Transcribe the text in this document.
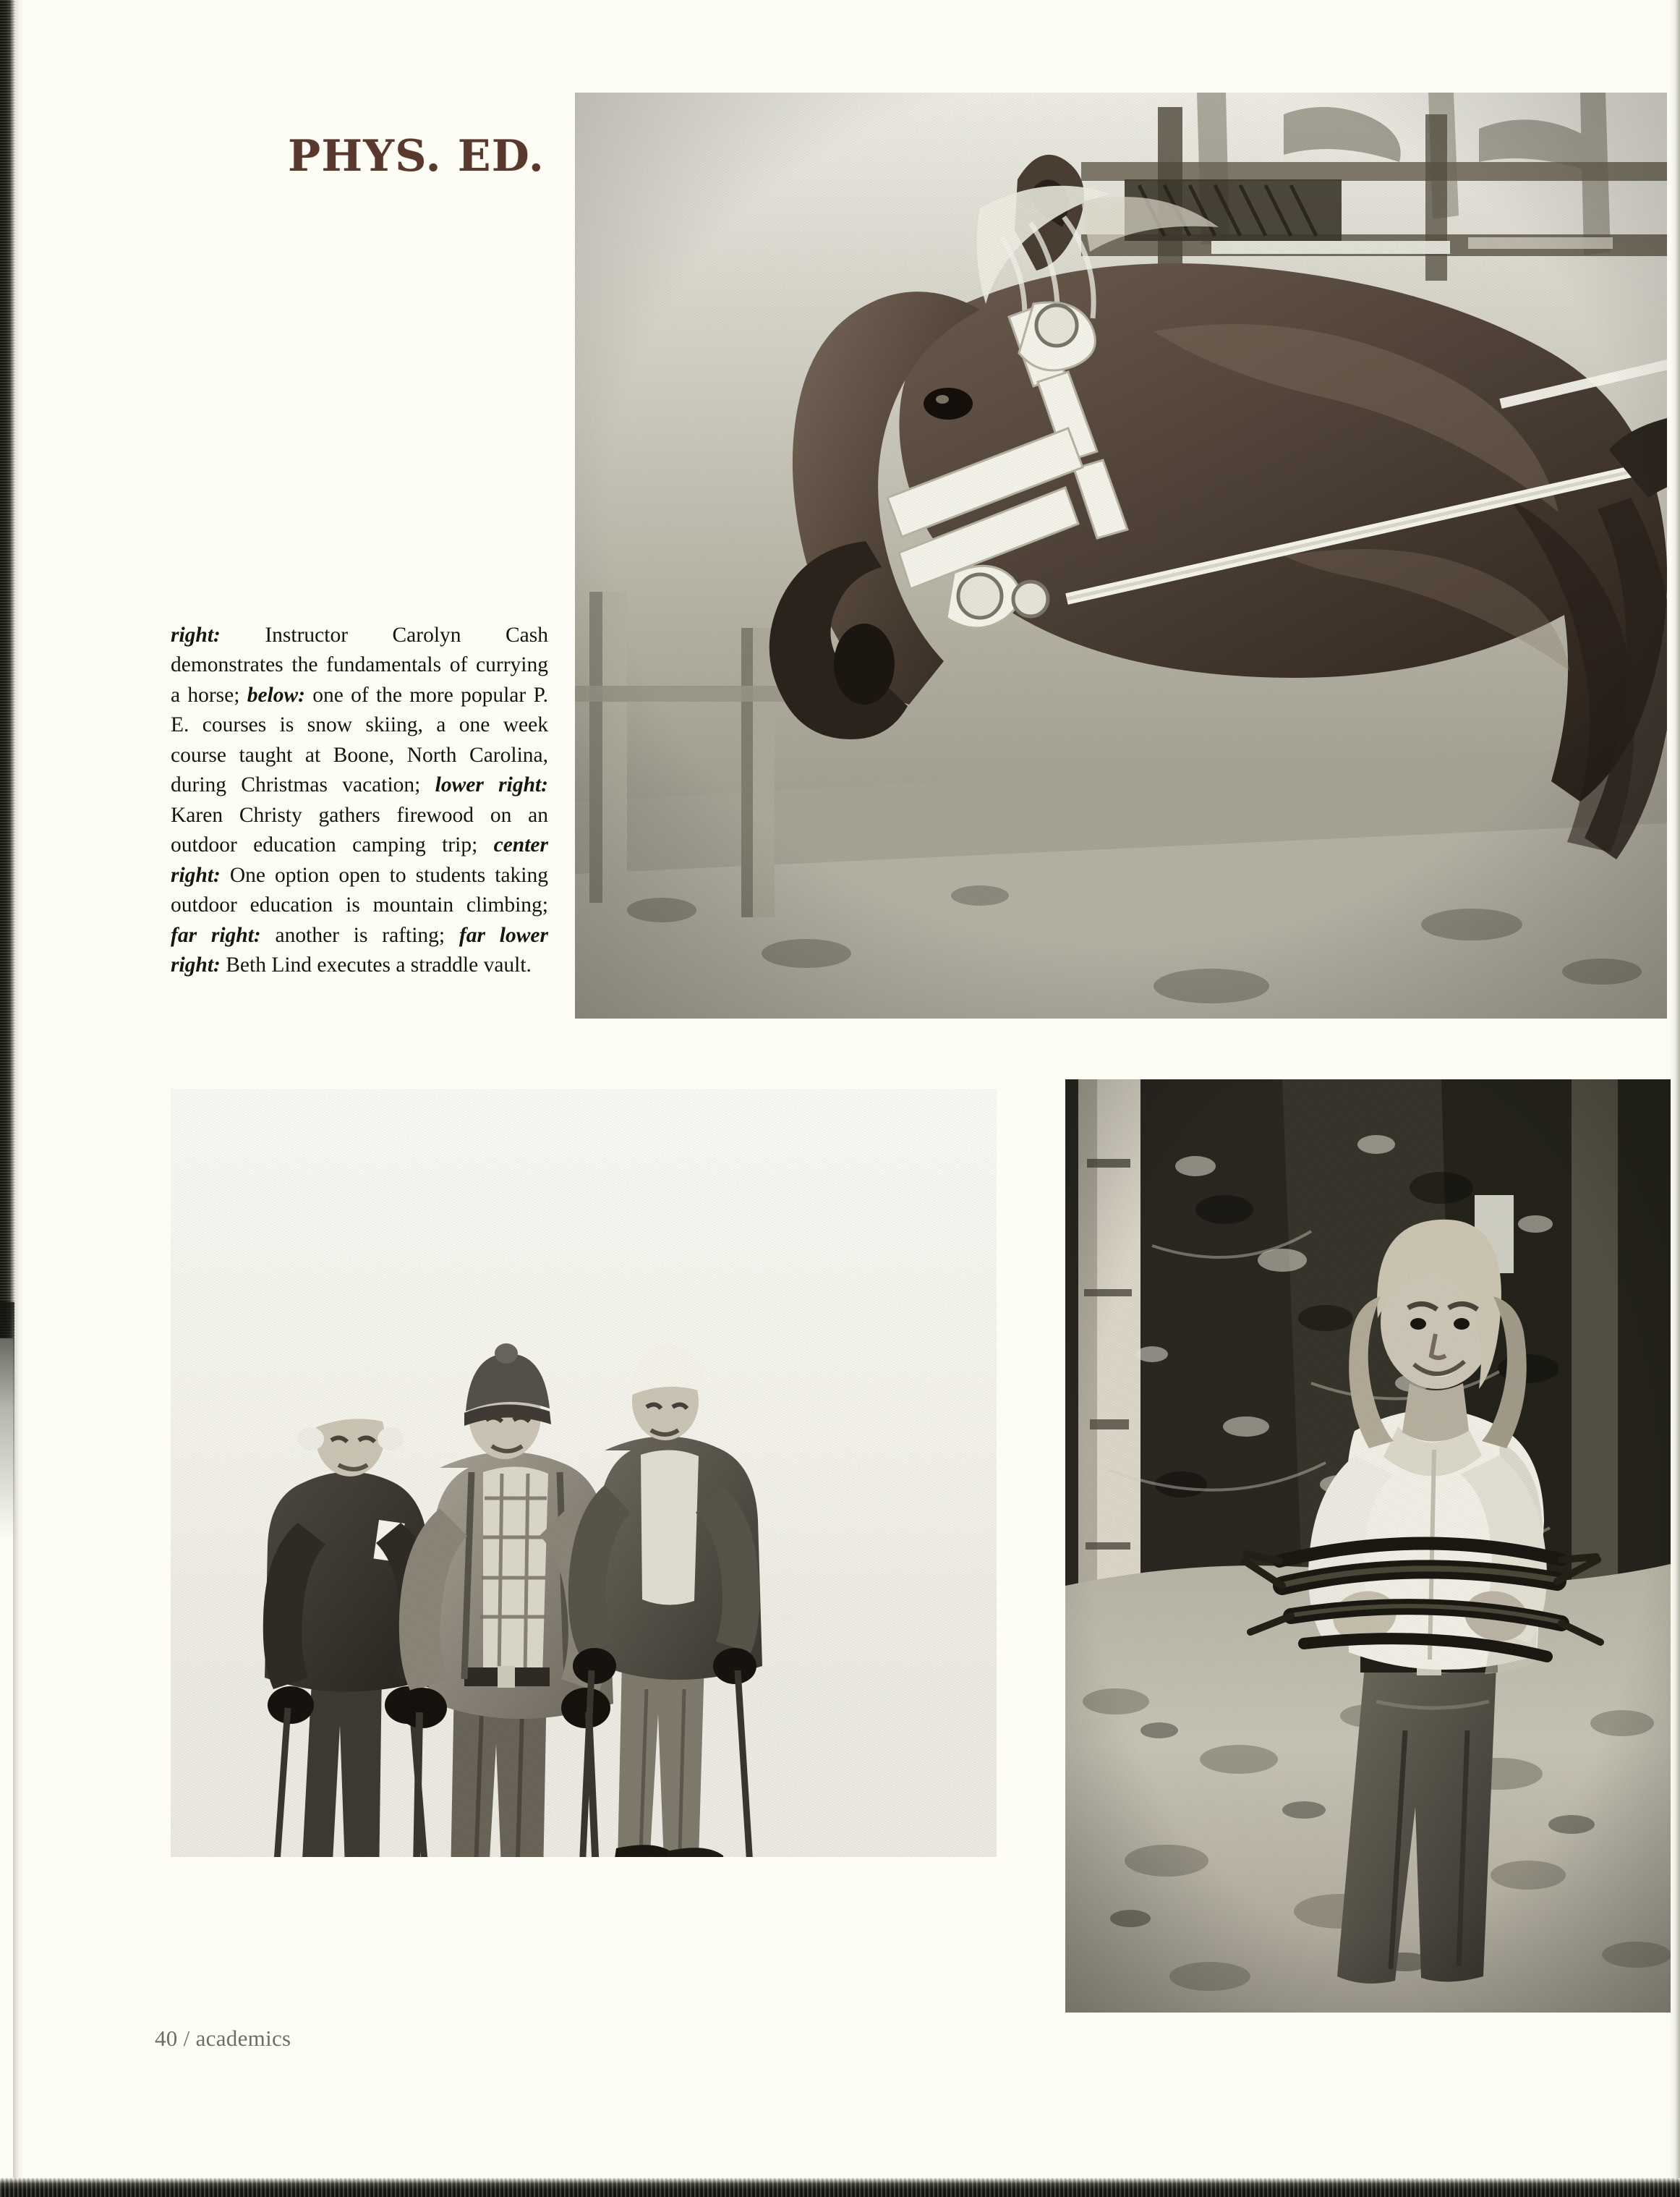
PHYS. ED.

right: Instructor Carolyn Cash demonstrates the fundamentals of currying a horse; below: one of the more popular P. E. courses is snow skiing, a one week course taught at Boone, North Carolina, during Christmas vacation; lower right: Karen Christy gathers firewood on an outdoor education camping trip; center right: One option open to students taking outdoor education is mountain climbing; far right: another is rafting; far lower right: Beth Lind executes a straddle vault.

40 / academics
